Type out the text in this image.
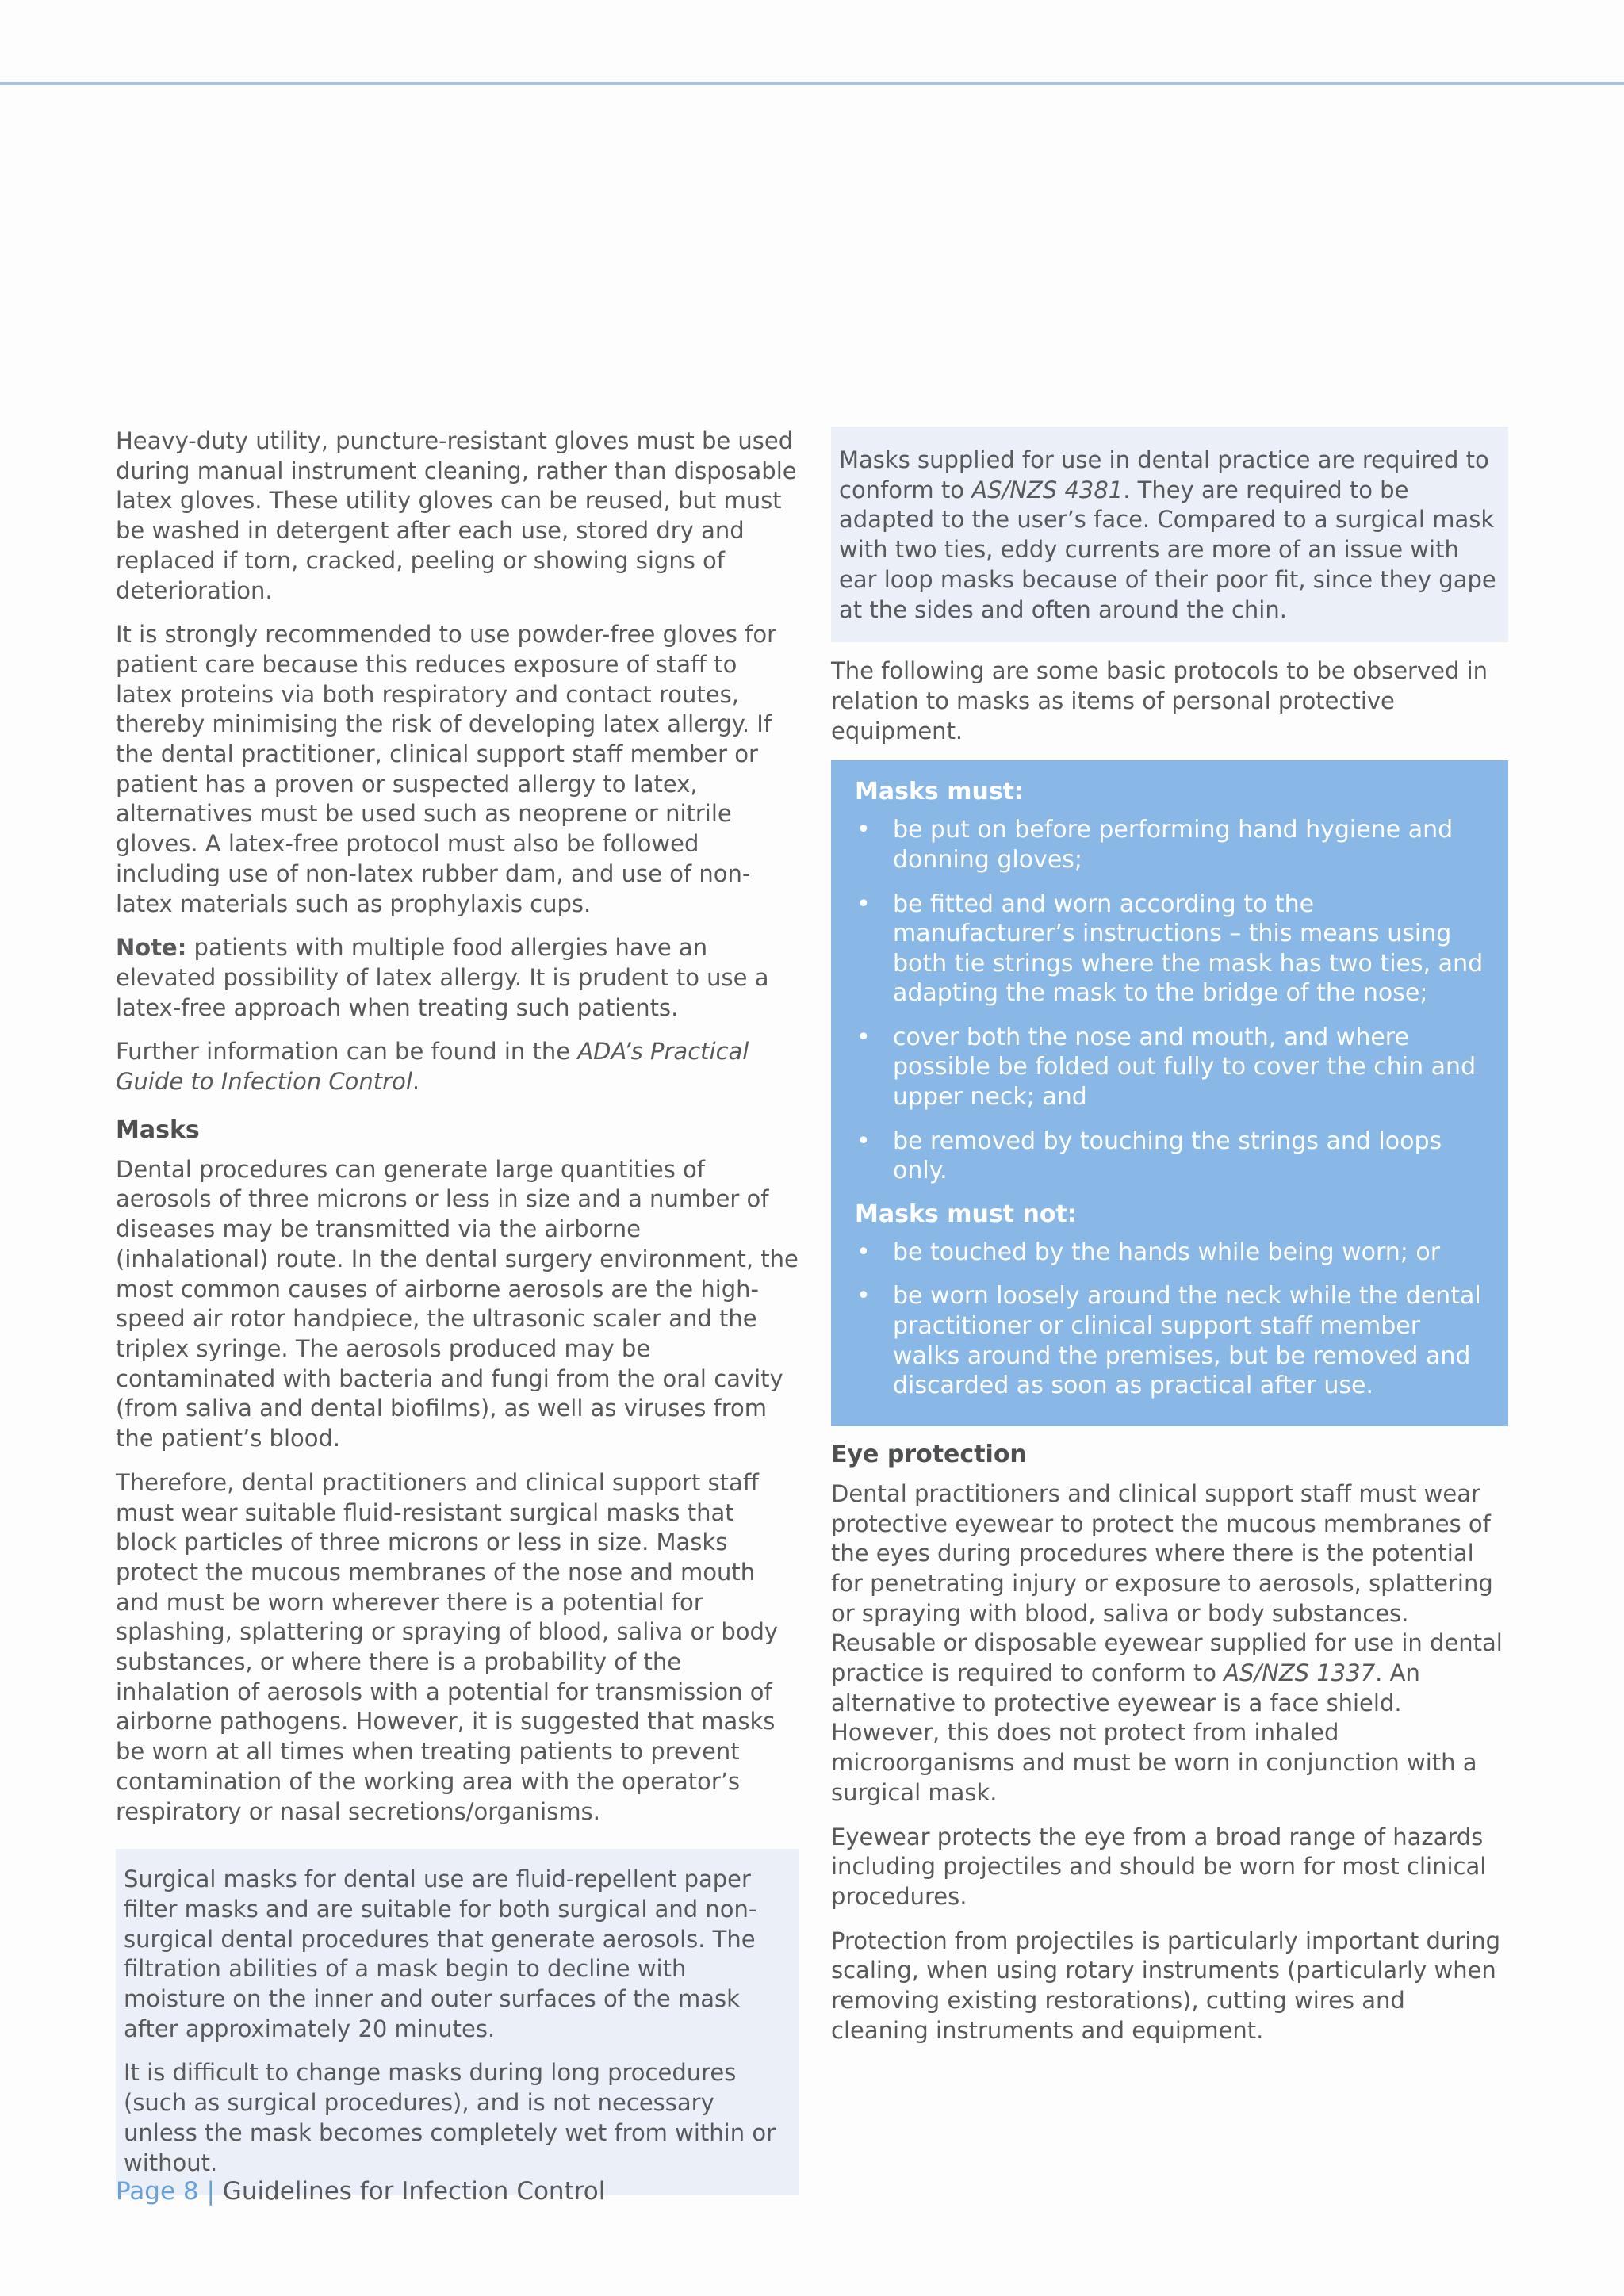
Heavy-duty utility, puncture-resistant gloves must be used during manual instrument cleaning, rather than disposable latex gloves. These utility gloves can be reused, but must be washed in detergent after each use, stored dry and replaced if torn, cracked, peeling or showing signs of deterioration.

It is strongly recommended to use powder-free gloves for patient care because this reduces exposure of staff to latex proteins via both respiratory and contact routes, thereby minimising the risk of developing latex allergy. If the dental practitioner, clinical support staff member or patient has a proven or suspected allergy to latex, alternatives must be used such as neoprene or nitrile gloves. A latex-free protocol must also be followed including use of non-latex rubber dam, and use of non-latex materials such as prophylaxis cups.

Note: patients with multiple food allergies have an elevated possibility of latex allergy. It is prudent to use a latex-free approach when treating such patients.

Further information can be found in the ADA’s Practical Guide to Infection Control.

Masks

Dental procedures can generate large quantities of aerosols of three microns or less in size and a number of diseases may be transmitted via the airborne (inhalational) route. In the dental surgery environment, the most common causes of airborne aerosols are the high-speed air rotor handpiece, the ultrasonic scaler and the triplex syringe. The aerosols produced may be contaminated with bacteria and fungi from the oral cavity (from saliva and dental biofilms), as well as viruses from the patient’s blood.

Therefore, dental practitioners and clinical support staff must wear suitable fluid-resistant surgical masks that block particles of three microns or less in size. Masks protect the mucous membranes of the nose and mouth and must be worn wherever there is a potential for splashing, splattering or spraying of blood, saliva or body substances, or where there is a probability of the inhalation of aerosols with a potential for transmission of airborne pathogens. However, it is suggested that masks be worn at all times when treating patients to prevent contamination of the working area with the operator’s respiratory or nasal secretions/organisms.

Surgical masks for dental use are fluid-repellent paper filter masks and are suitable for both surgical and non-surgical dental procedures that generate aerosols. The filtration abilities of a mask begin to decline with moisture on the inner and outer surfaces of the mask after approximately 20 minutes.

It is difficult to change masks during long procedures (such as surgical procedures), and is not necessary unless the mask becomes completely wet from within or without.

Masks supplied for use in dental practice are required to conform to AS/NZS 4381. They are required to be adapted to the user’s face. Compared to a surgical mask with two ties, eddy currents are more of an issue with ear loop masks because of their poor fit, since they gape at the sides and often around the chin.

The following are some basic protocols to be observed in relation to masks as items of personal protective equipment.

Masks must:
• be put on before performing hand hygiene and donning gloves;
• be fitted and worn according to the manufacturer’s instructions – this means using both tie strings where the mask has two ties, and adapting the mask to the bridge of the nose;
• cover both the nose and mouth, and where possible be folded out fully to cover the chin and upper neck; and
• be removed by touching the strings and loops only.
Masks must not:
• be touched by the hands while being worn; or
• be worn loosely around the neck while the dental practitioner or clinical support staff member walks around the premises, but be removed and discarded as soon as practical after use.
Eye protection

Dental practitioners and clinical support staff must wear protective eyewear to protect the mucous membranes of the eyes during procedures where there is the potential for penetrating injury or exposure to aerosols, splattering or spraying with blood, saliva or body substances. Reusable or disposable eyewear supplied for use in dental practice is required to conform to AS/NZS 1337. An alternative to protective eyewear is a face shield. However, this does not protect from inhaled microorganisms and must be worn in conjunction with a surgical mask.

Eyewear protects the eye from a broad range of hazards including projectiles and should be worn for most clinical procedures.

Protection from projectiles is particularly important during scaling, when using rotary instruments (particularly when removing existing restorations), cutting wires and cleaning instruments and equipment.

Page 8 | Guidelines for Infection Control
